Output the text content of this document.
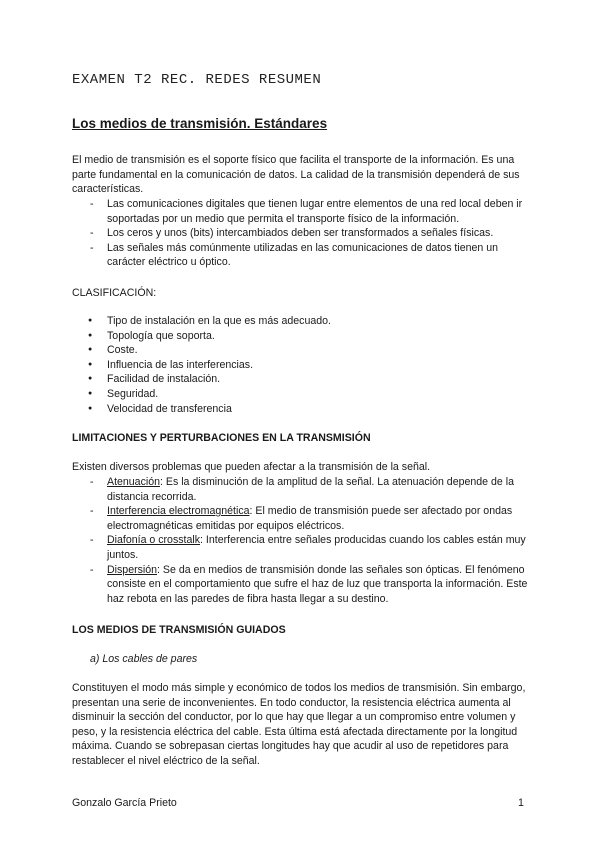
EXAMEN T2 REC. REDES RESUMEN
Los medios de transmisión. Estándares

El medio de transmisión es el soporte físico que facilita el transporte de la información. Es una parte fundamental en la comunicación de datos. La calidad de la transmisión dependerá de sus características.

- Las comunicaciones digitales que tienen lugar entre elementos de una red local deben ir soportadas por un medio que permita el transporte físico de la información.
- Los ceros y unos (bits) intercambiados deben ser transformados a señales físicas.
- Las señales más comúnmente utilizadas en las comunicaciones de datos tienen un carácter eléctrico u óptico.
CLASIFICACIÓN:
● Tipo de instalación en la que es más adecuado.
● Topología que soporta.
● Coste.
● Influencia de las interferencias.
● Facilidad de instalación.
● Seguridad.
● Velocidad de transferencia
LIMITACIONES Y PERTURBACIONES EN LA TRANSMISIÓN
Existen diversos problemas que pueden afectar a la transmisión de la señal.
- Atenuación: Es la disminución de la amplitud de la señal. La atenuación depende de la distancia recorrida.
- Interferencia electromagnética: El medio de transmisión puede ser afectado por ondas electromagnéticas emitidas por equipos eléctricos.
- Diafonía o crosstalk: Interferencia entre señales producidas cuando los cables están muy juntos.
- Dispersión: Se da en medios de transmisión donde las señales son ópticas. El fenómeno consiste en el comportamiento que sufre el haz de luz que transporta la información. Este haz rebota en las paredes de fibra hasta llegar a su destino.
LOS MEDIOS DE TRANSMISIÓN GUIADOS
a) Los cables de pares

Constituyen el modo más simple y económico de todos los medios de transmisión. Sin embargo, presentan una serie de inconvenientes. En todo conductor, la resistencia eléctrica aumenta al disminuir la sección del conductor, por lo que hay que llegar a un compromiso entre volumen y peso, y la resistencia eléctrica del cable. Esta última está afectada directamente por la longitud máxima. Cuando se sobrepasan ciertas longitudes hay que acudir al uso de repetidores para restablecer el nivel eléctrico de la señal.

Gonzalo García Prieto	1
